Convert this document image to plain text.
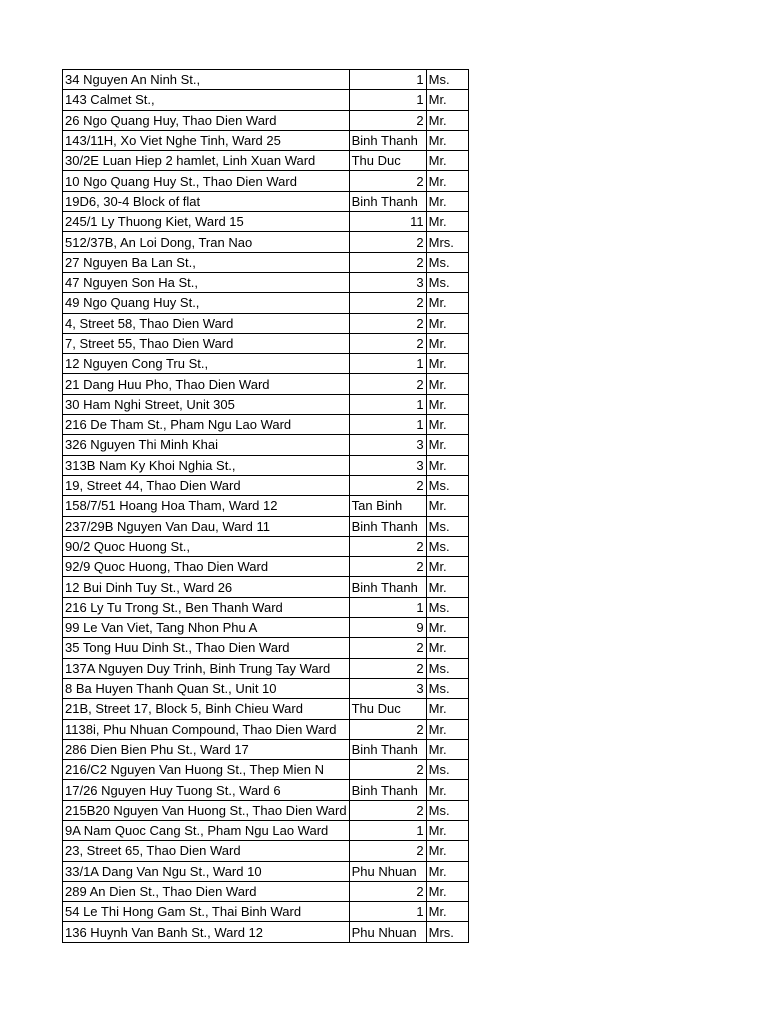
34 Nguyen An Ninh St.,	1	Ms.
143 Calmet St.,	1	Mr.
26 Ngo Quang Huy, Thao Dien Ward	2	Mr.
143/11H, Xo Viet Nghe Tinh, Ward 25	Binh Thanh	Mr.
30/2E Luan Hiep 2 hamlet, Linh Xuan Ward	Thu Duc	Mr.
10 Ngo Quang Huy St., Thao Dien Ward	2	Mr.
19D6, 30-4 Block of flat	Binh Thanh	Mr.
245/1 Ly Thuong Kiet, Ward 15	11	Mr.
512/37B, An Loi Dong, Tran Nao	2	Mrs.
27 Nguyen Ba Lan St.,	2	Ms.
47 Nguyen Son Ha St.,	3	Ms.
49 Ngo Quang Huy St.,	2	Mr.
4, Street 58, Thao Dien Ward	2	Mr.
7, Street 55, Thao Dien Ward	2	Mr.
12 Nguyen Cong Tru St.,	1	Mr.
21 Dang Huu Pho, Thao Dien Ward	2	Mr.
30 Ham Nghi Street, Unit 305	1	Mr.
216 De Tham St., Pham Ngu Lao Ward	1	Mr.
326 Nguyen Thi Minh Khai	3	Mr.
313B Nam Ky Khoi Nghia St.,	3	Mr.
19, Street 44, Thao Dien Ward	2	Ms.
158/7/51 Hoang Hoa Tham, Ward 12	Tan Binh	Mr.
237/29B Nguyen Van Dau, Ward 11	Binh Thanh	Ms.
90/2 Quoc Huong St.,	2	Ms.
92/9 Quoc Huong, Thao Dien Ward	2	Mr.
12 Bui Dinh Tuy St., Ward 26	Binh Thanh	Mr.
216 Ly Tu Trong St., Ben Thanh Ward	1	Ms.
99 Le Van Viet, Tang Nhon Phu A	9	Mr.
35 Tong Huu Dinh St., Thao Dien Ward	2	Mr.
137A Nguyen Duy Trinh, Binh Trung Tay Ward	2	Ms.
8 Ba Huyen Thanh Quan St., Unit 10	3	Ms.
21B, Street 17, Block 5, Binh Chieu Ward	Thu Duc	Mr.
1138i, Phu Nhuan Compound, Thao Dien Ward	2	Mr.
286 Dien Bien Phu St., Ward 17	Binh Thanh	Mr.
216/C2 Nguyen Van Huong St., Thep Mien N	2	Ms.
17/26 Nguyen Huy Tuong St., Ward 6	Binh Thanh	Mr.
215B20 Nguyen Van Huong St., Thao Dien Ward	2	Ms.
9A Nam Quoc Cang St., Pham Ngu Lao Ward	1	Mr.
23, Street 65, Thao Dien Ward	2	Mr.
33/1A Dang Van Ngu St., Ward 10	Phu Nhuan	Mr.
289 An Dien St., Thao Dien Ward	2	Mr.
54 Le Thi Hong Gam St., Thai Binh Ward	1	Mr.
136 Huynh Van Banh St., Ward 12	Phu Nhuan	Mrs.
